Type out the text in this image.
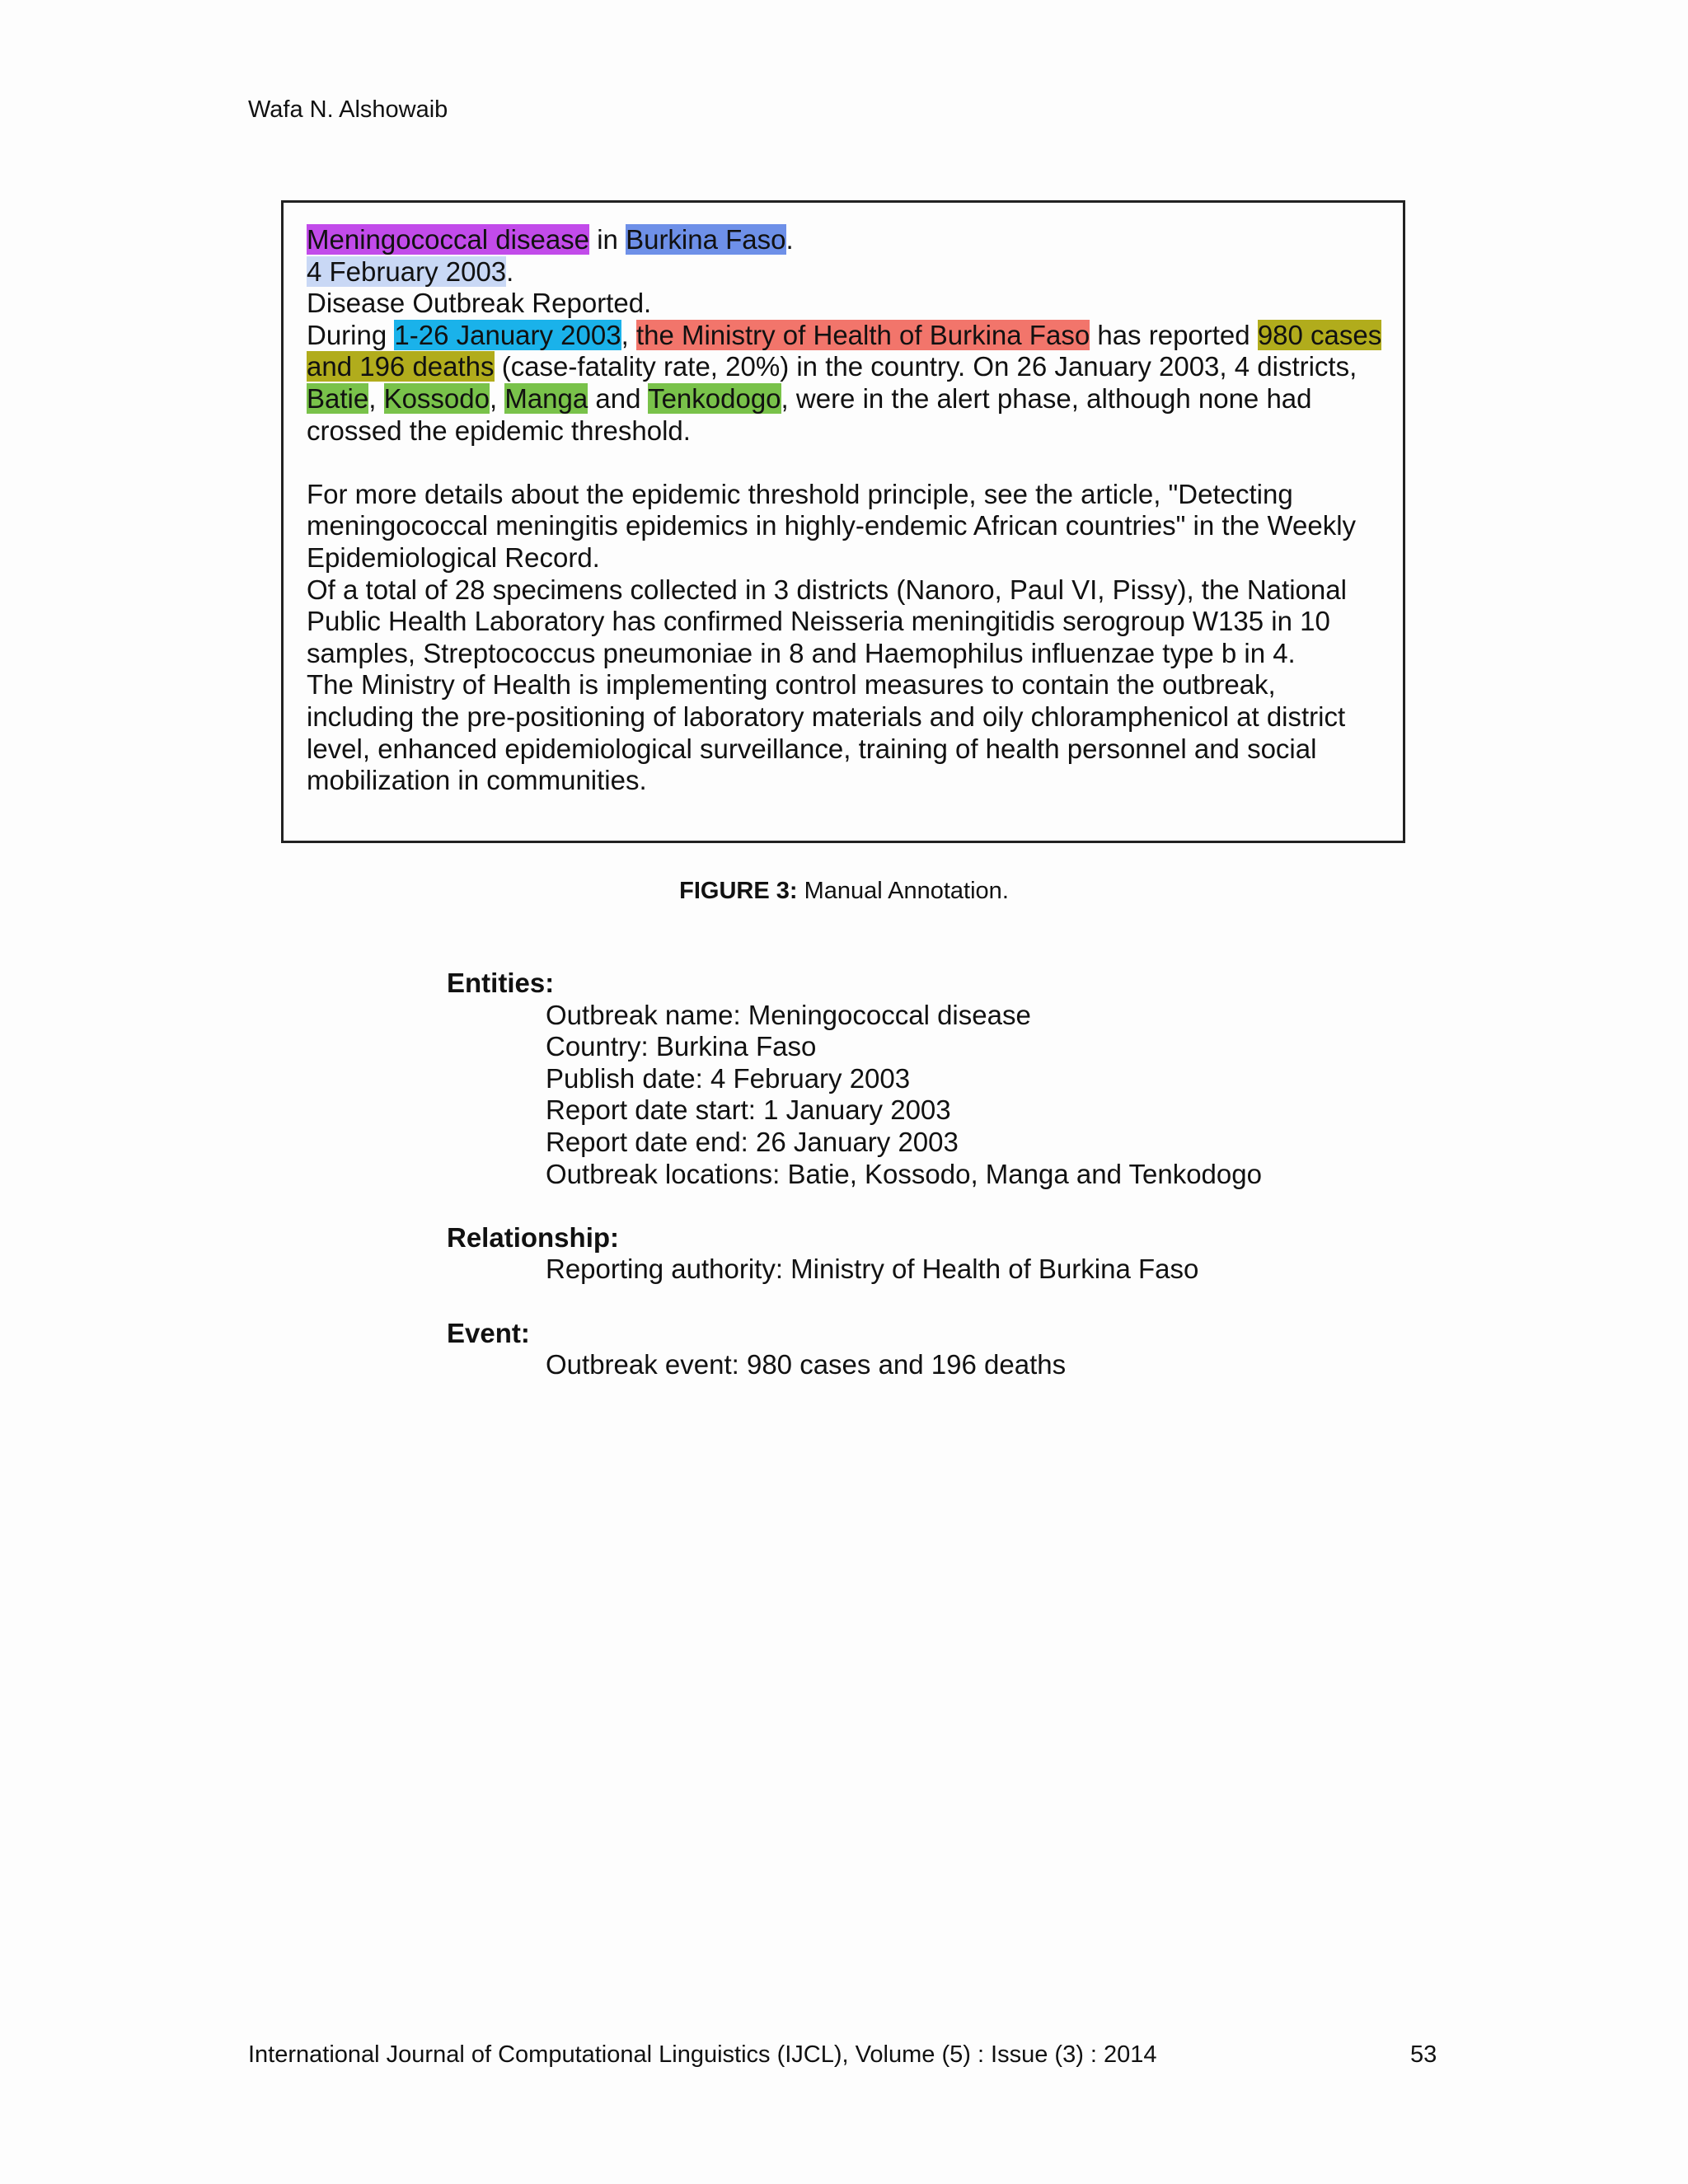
Wafa N. Alshowaib

Meningococcal disease in Burkina Faso.

4 February 2003.

Disease Outbreak Reported.

During 1-26 January 2003, the Ministry of Health of Burkina Faso has reported 980 cases and 196 deaths (case-fatality rate, 20%) in the country. On 26 January 2003, 4 districts, Batie, Kossodo, Manga and Tenkodogo, were in the alert phase, although none had crossed the epidemic threshold.

For more details about the epidemic threshold principle, see the article, "Detecting meningococcal meningitis epidemics in highly-endemic African countries" in the Weekly Epidemiological Record.

Of a total of 28 specimens collected in 3 districts (Nanoro, Paul VI, Pissy), the National Public Health Laboratory has confirmed Neisseria meningitidis serogroup W135 in 10 samples, Streptococcus pneumoniae in 8 and Haemophilus influenzae type b in 4.

The Ministry of Health is implementing control measures to contain the outbreak, including the pre-positioning of laboratory materials and oily chloramphenicol at district level, enhanced epidemiological surveillance, training of health personnel and social mobilization in communities.

FIGURE 3: Manual Annotation.

Entities:

Outbreak name: Meningococcal disease
Country: Burkina Faso
Publish date: 4 February 2003
Report date start: 1 January 2003
Report date end: 26 January 2003
Outbreak locations: Batie, Kossodo, Manga and Tenkodogo

Relationship:

Reporting authority: Ministry of Health of Burkina Faso

Event:

Outbreak event: 980 cases and 196 deaths
International Journal of Computational Linguistics (IJCL), Volume (5) : Issue (3) : 2014	53
